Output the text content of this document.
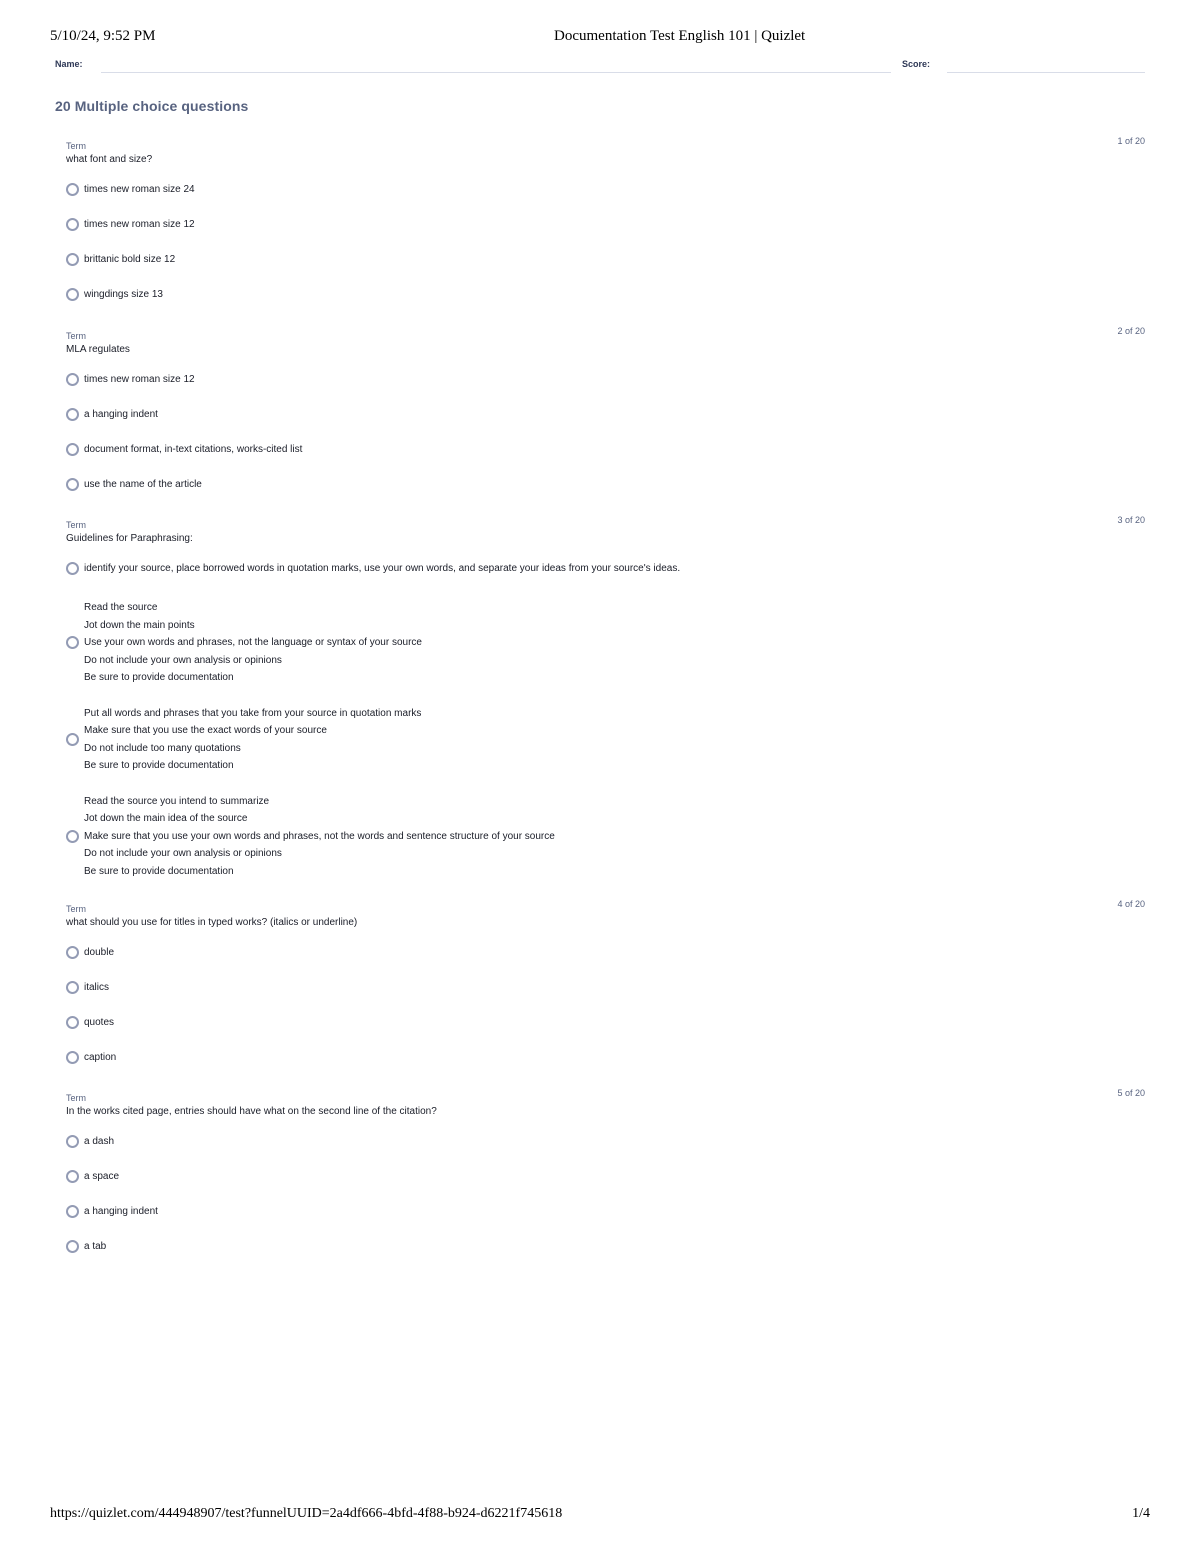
5/10/24, 9:52 PM	Documentation Test English 101 | Quizlet
Name:	Score:
20 Multiple choice questions
Term	1 of 20
what font and size?
times new roman size 24
times new roman size 12
brittanic bold size 12
wingdings size 13
Term	2 of 20
MLA regulates
times new roman size 12
a hanging indent
document format, in-text citations, works-cited list
use the name of the article
Term	3 of 20
Guidelines for Paraphrasing:
identify your source, place borrowed words in quotation marks, use your own words, and separate your ideas from your source's ideas.
Read the source
Jot down the main points
Use your own words and phrases, not the language or syntax of your source
Do not include your own analysis or opinions
Be sure to provide documentation
Put all words and phrases that you take from your source in quotation marks
Make sure that you use the exact words of your source
Do not include too many quotations
Be sure to provide documentation
Read the source you intend to summarize
Jot down the main idea of the source
Make sure that you use your own words and phrases, not the words and sentence structure of your source
Do not include your own analysis or opinions
Be sure to provide documentation
Term	4 of 20
what should you use for titles in typed works? (italics or underline)
double
italics
quotes
caption
Term	5 of 20
In the works cited page, entries should have what on the second line of the citation?
a dash
a space
a hanging indent
a tab
https://quizlet.com/444948907/test?funnelUUID=2a4df666-4bfd-4f88-b924-d6221f745618	1/4
